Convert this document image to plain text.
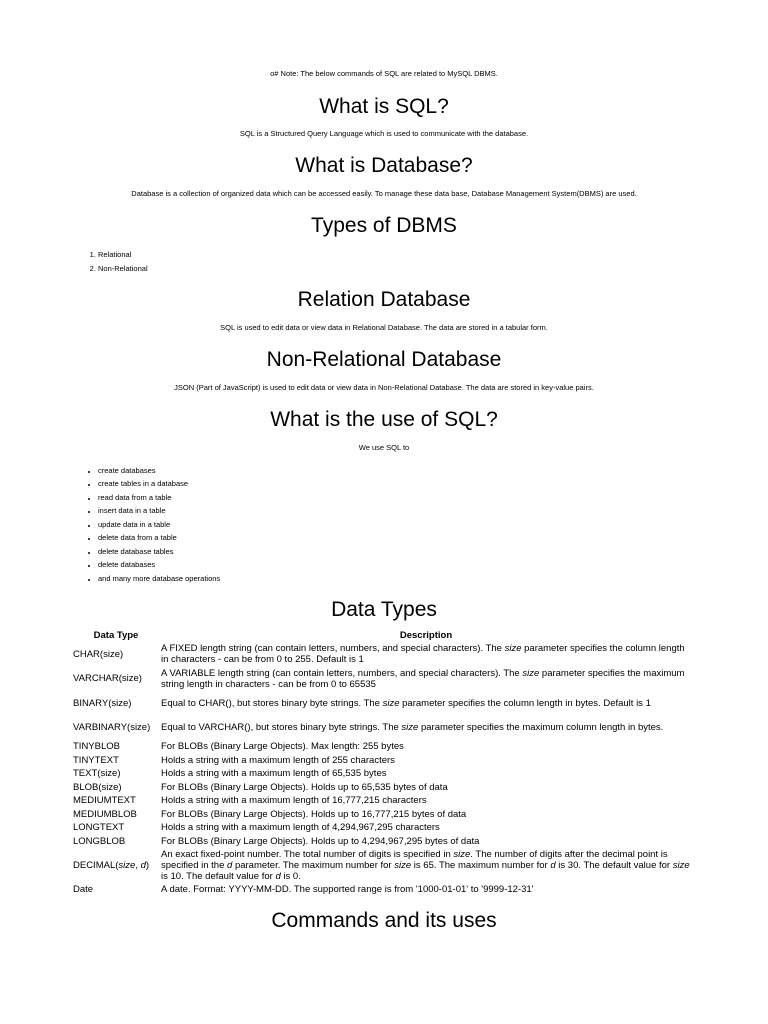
o# Note: The below commands of SQL are related to MySQL DBMS.
What is SQL?

SQL is a Structured Query Language which is used to communicate with the database.

What is Database?

Database is a collection of organized data which can be accessed easily. To manage these data base, Database Management System(DBMS) are used.

Types of DBMS
1. Relational
2. Non-Relational
Relation Database

SQL is used to edit data or view data in Relational Database. The data are stored in a tabular form.

Non-Relational Database

JSON (Part of JavaScript) is used to edit data or view data in Non-Relational Database. The data are stored in key-value pairs.

What is the use of SQL?

We use SQL to

• create databases
• create tables in a database
• read data from a table
• insert data in a table
• update data in a table
• delete data from a table
• delete database tables
• delete databases
• and many more database operations
Data Types
Data Type	Description
CHAR(size)	A FIXED length string (can contain letters, numbers, and special characters). The size parameter specifies the column length in characters - can be from 0 to 255. Default is 1
VARCHAR(size)	A VARIABLE length string (can contain letters, numbers, and special characters). The size parameter specifies the maximum string length in characters - can be from 0 to 65535
BINARY(size)	Equal to CHAR(), but stores binary byte strings. The size parameter specifies the column length in bytes. Default is 1
VARBINARY(size)	Equal to VARCHAR(), but stores binary byte strings. The size parameter specifies the maximum column length in bytes.
TINYBLOB	For BLOBs (Binary Large Objects). Max length: 255 bytes
TINYTEXT	Holds a string with a maximum length of 255 characters
TEXT(size)	Holds a string with a maximum length of 65,535 bytes
BLOB(size)	For BLOBs (Binary Large Objects). Holds up to 65,535 bytes of data
MEDIUMTEXT	Holds a string with a maximum length of 16,777,215 characters
MEDIUMBLOB	For BLOBs (Binary Large Objects). Holds up to 16,777,215 bytes of data
LONGTEXT	Holds a string with a maximum length of 4,294,967,295 characters
LONGBLOB	For BLOBs (Binary Large Objects). Holds up to 4,294,967,295 bytes of data
DECIMAL(size, d)	An exact fixed-point number. The total number of digits is specified in size. The number of digits after the decimal point is specified in the d parameter. The maximum number for size is 65. The maximum number for d is 30. The default value for size is 10. The default value for d is 0.
Date	A date. Format: YYYY-MM-DD. The supported range is from '1000-01-01' to '9999-12-31'
Commands and its uses
